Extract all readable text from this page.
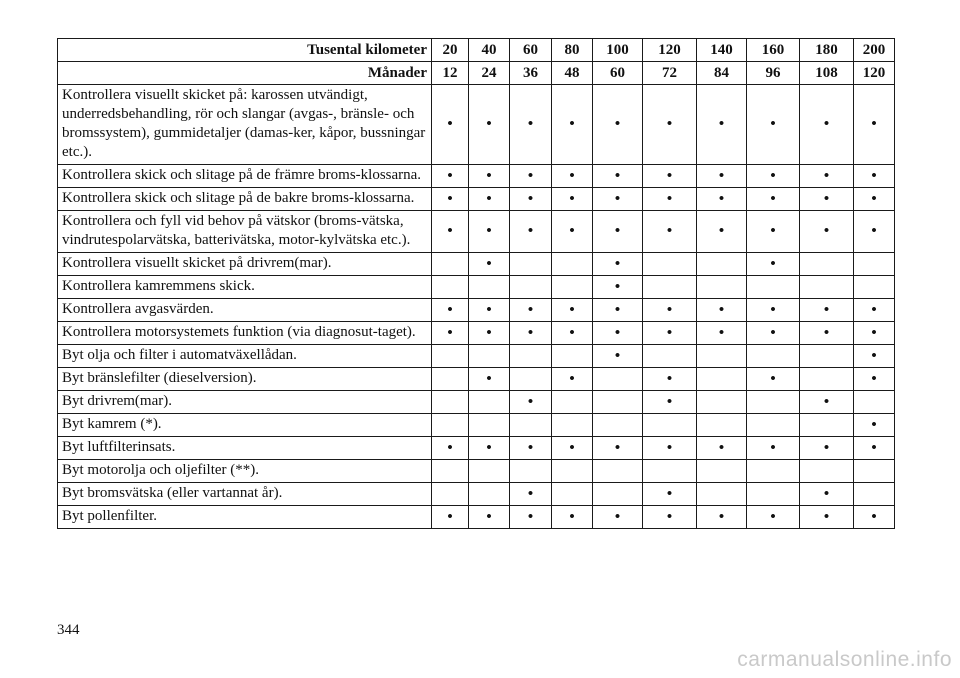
Tusental kilometer	20	40	60	80	100	120	140	160	180	200
Månader	12	24	36	48	60	72	84	96	108	120
Kontrollera visuellt skicket på: karossen utvändigt, underredsbehandling, rör och slangar (avgas-, bränsle- och bromssystem), gummidetaljer (damas-ker, kåpor, bussningar etc.).	•	•	•	•	•	•	•	•	•	•
Kontrollera skick och slitage på de främre broms-klossarna.	•	•	•	•	•	•	•	•	•	•
Kontrollera skick och slitage på de bakre broms-klossarna.	•	•	•	•	•	•	•	•	•	•
Kontrollera och fyll vid behov på vätskor (broms-vätska, vindrutespolarvätska, batterivätska, motor-kylvätska etc.).	•	•	•	•	•	•	•	•	•	•
Kontrollera visuellt skicket på drivrem(mar).		•			•			•		
Kontrollera kamremmens skick.					•					
Kontrollera avgasvärden.	•	•	•	•	•	•	•	•	•	•
Kontrollera motorsystemets funktion (via diagnosut-taget).	•	•	•	•	•	•	•	•	•	•
Byt olja och filter i automatväxellådan.					•					•
Byt bränslefilter (dieselversion).		•		•		•		•		•
Byt drivrem(mar).			•			•			•	
Byt kamrem (*).										•
Byt luftfilterinsats.	•	•	•	•	•	•	•	•	•	•
Byt motorolja och oljefilter (**).										
Byt bromsvätska (eller vartannat år).			•			•			•	
Byt pollenfilter.	•	•	•	•	•	•	•	•	•	•
344
carmanualsonline.info
